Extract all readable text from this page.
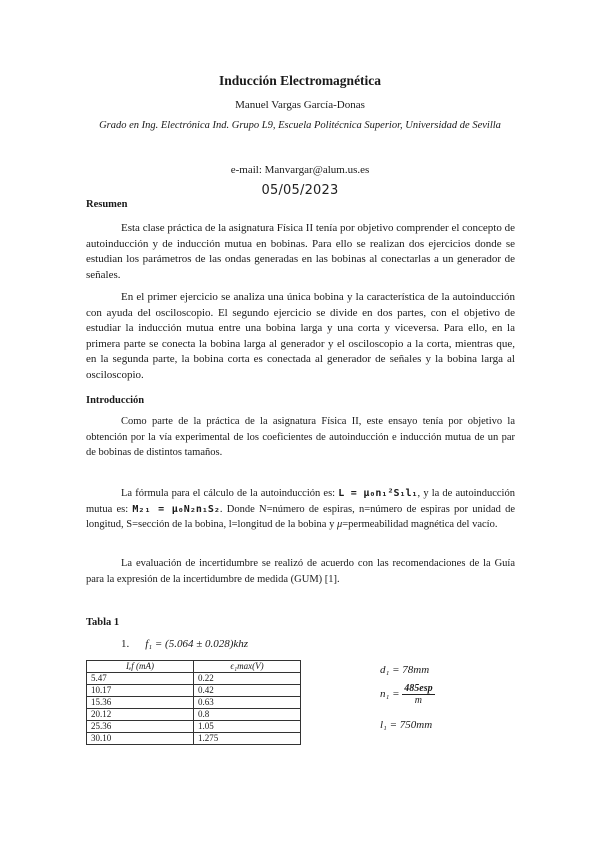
Inducción Electromagnética
Manuel Vargas García-Donas
Grado en Ing. Electrónica Ind. Grupo L9, Escuela Politécnica Superior, Universidad de Sevilla
e-mail: Manvargar@alum.us.es
05/05/2023
Resumen

Esta clase práctica de la asignatura Física II tenía por objetivo comprender el concepto de autoinducción y de inducción mutua en bobinas. Para ello se realizan dos ejercicios donde se estudian los parámetros de las ondas generadas en las bobinas al conectarlas a un generador de señales.

En el primer ejercicio se analiza una única bobina y la característica de la autoinducción con ayuda del osciloscopio. El segundo ejercicio se divide en dos partes, con el objetivo de estudiar la inducción mutua entre una bobina larga y una corta y viceversa. Para ello, en la primera parte se conecta la bobina larga al generador y el osciloscopio a la corta, mientras que, en la segunda parte, la bobina corta es conectada al generador de señales y la bobina larga al osciloscopio.

Introducción

Como parte de la práctica de la asignatura Física II, este ensayo tenía por objetivo la obtención por la vía experimental de los coeficientes de autoinducción e inducción mutua de un par de bobinas de distintos tamaños.

La fórmula para el cálculo de la autoinducción es: L = μ₀n₁²S₁l₁, y la de autoinducción mutua es: M₂₁ = μ₀N₂n₁S₂. Donde N=número de espiras, n=número de espiras por unidad de longitud, S=sección de la bobina, l=longitud de la bobina y μ=permeabilidad magnética del vacío.

La evaluación de incertidumbre se realizó de acuerdo con las recomendaciones de la Guía para la expresión de la incertidumbre de medida (GUM) [1].

Tabla 1
1. f₁ = (5.064 ± 0.028)khz
Iₑf (mA)	ϵ₁max(V)
5.47	0.22
10.17	0.42
15.36	0.63
20.12	0.8
25.36	1.05
30.10	1.275
d₁ = 78mm
$n_1 = \frac{\text{485esp}}{m}$
l₁ = 750mm
